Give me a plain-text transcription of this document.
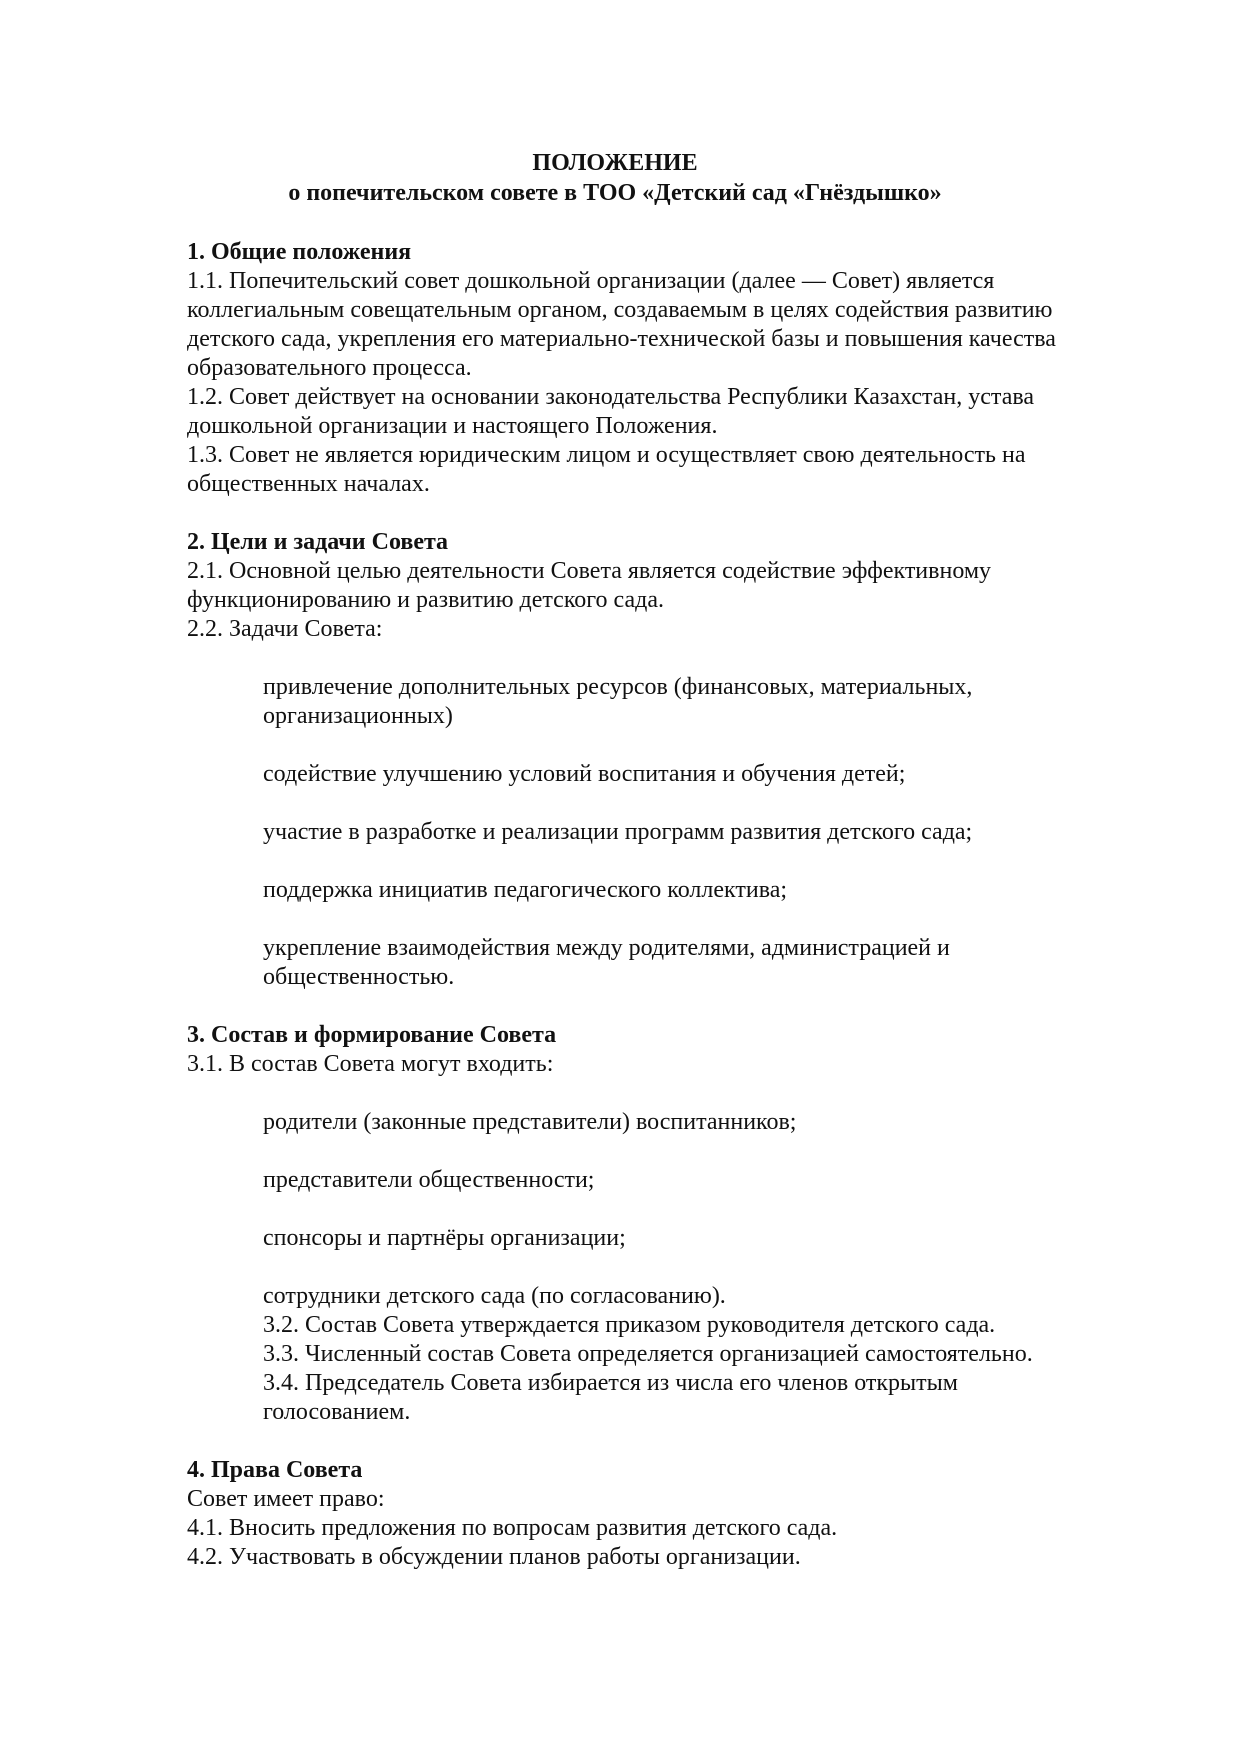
ПОЛОЖЕНИЕ
о попечительском совете в ТОО «Детский сад «Гнёздышко»
1. Общие положения
1.1. Попечительский совет дошкольной организации (далее — Совет) является коллегиальным совещательным органом, создаваемым в целях содействия развитию детского сада, укрепления его материально-технической базы и повышения качества образовательного процесса.
1.2. Совет действует на основании законодательства Республики Казахстан, устава дошкольной организации и настоящего Положения.
1.3. Совет не является юридическим лицом и осуществляет свою деятельность на общественных началах.
2. Цели и задачи Совета
2.1. Основной целью деятельности Совета является содействие эффективному функционированию и развитию детского сада.
2.2. Задачи Совета:
привлечение дополнительных ресурсов (финансовых, материальных, организационных)
содействие улучшению условий воспитания и обучения детей;
участие в разработке и реализации программ развития детского сада;
поддержка инициатив педагогического коллектива;
укрепление взаимодействия между родителями, администрацией и общественностью.
3. Состав и формирование Совета
3.1. В состав Совета могут входить:
родители (законные представители) воспитанников;
представители общественности;
спонсоры и партнёры организации;
сотрудники детского сада (по согласованию).
3.2. Состав Совета утверждается приказом руководителя детского сада.
3.3. Численный состав Совета определяется организацией самостоятельно.
3.4. Председатель Совета избирается из числа его членов открытым голосованием.
4. Права Совета
Совет имеет право:
4.1. Вносить предложения по вопросам развития детского сада.
4.2. Участвовать в обсуждении планов работы организации.
